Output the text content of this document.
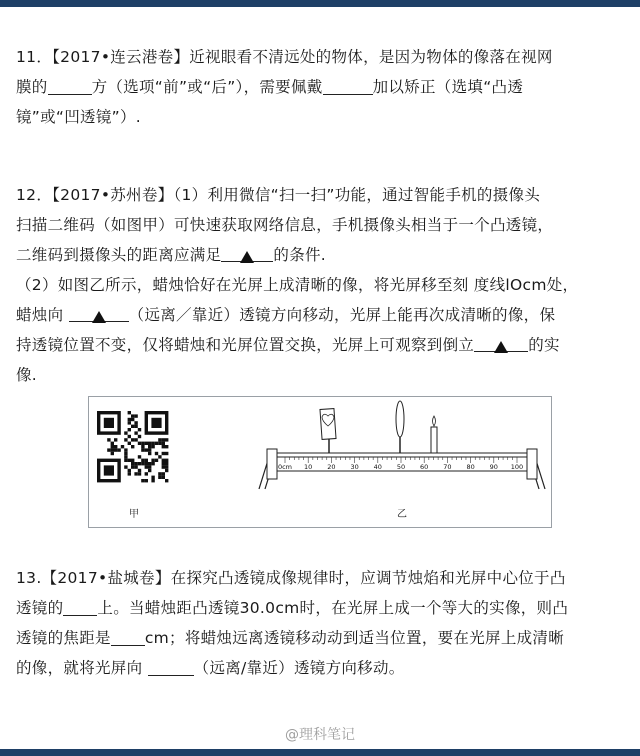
11．【2017•连云港卷】近视眼看不清远处的物体，是因为物体的像落在视网

膜的	方（选项“前”或“后”），需要佩戴	加以矫正（选填“凸透

镜”或“凹透镜”）.

12．【2017•苏州卷】（1）利用微信“扫一扫”功能，通过智能手机的摄像头

扫描二维码（如图甲）可快速获取网络信息，手机摄像头相当于一个凸透镜，

二维码到摄像头的距离应满足	的条件.

（2）如图乙所示，蜡烛恰好在光屏上成清晰的像，将光屏移至刻 度线lOcm处，

蜡烛向	（远离／靠近）透镜方向移动，光屏上能再次成清晰的像，保

持透镜位置不变，仅将蜡烛和光屏位置交换，光屏上可观察到倒立	的实

像.

0cm 10 20 30 40 50 60 70 80 90 100
甲	乙

13.【2017•盐城卷】在探究凸透镜成像规律时，应调节烛焰和光屏中心位于凸

透镜的 上。当蜡烛距凸透镜30.0cm时，在光屏上成一个等大的实像，则凸

透镜的焦距是 cm；将蜡烛远离透镜移动动到适当位置，要在光屏上成清晰

的像，就将光屏向	（远离/靠近）透镜方向移动。

@理科笔记
